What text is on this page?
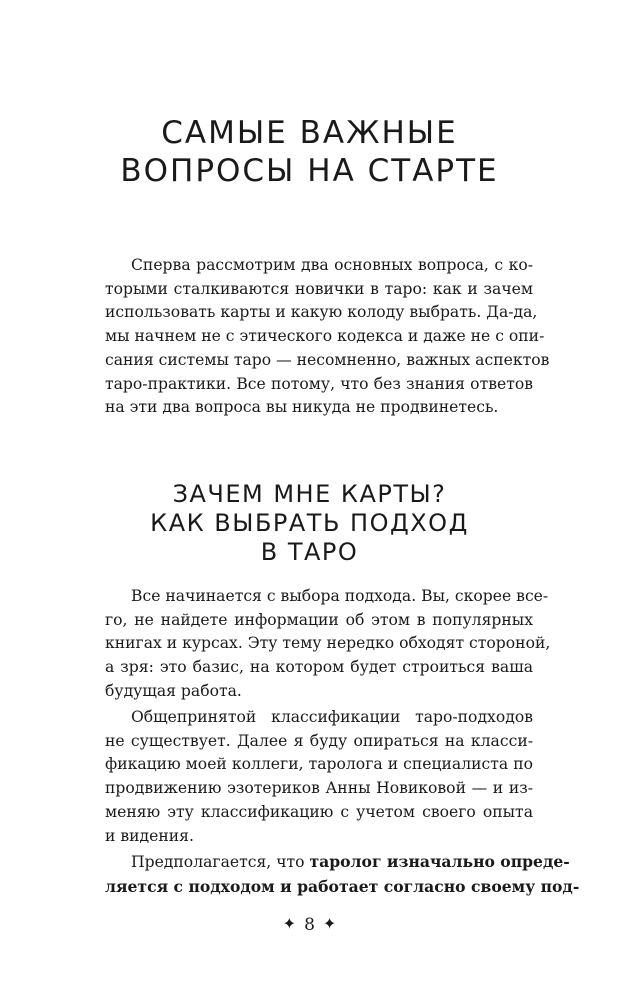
САМЫЕ ВАЖНЫЕ
ВОПРОСЫ НА СТАРТЕ
Сперва рассмотрим два основных вопроса, с ко-
торыми сталкиваются новички в таро: как и зачем
использовать карты и какую колоду выбрать. Да-да,
мы начнем не с этического кодекса и даже не с опи-
сания системы таро — несомненно, важных аспектов
таро-практики. Все потому, что без знания ответов
на эти два вопроса вы никуда не продвинетесь.
ЗАЧЕМ МНЕ КАРТЫ?
КАК ВЫБРАТЬ ПОДХОД
В ТАРО
Все начинается с выбора подхода. Вы, скорее все-
го, не найдете информации об этом в популярных
книгах и курсах. Эту тему нередко обходят стороной,
а зря: это базис, на котором будет строиться ваша
будущая работа.
Общепринятой классификации таро-подходов
не существует. Далее я буду опираться на класси-
фикацию моей коллеги, таролога и специалиста по
продвижению эзотериков Анны Новиковой — и из-
меняю эту классификацию с учетом своего опыта
и видения.
Предполагается, что таролог изначально опреде-
ляется с подходом и работает согласно своему под-
✦ 8 ✦
